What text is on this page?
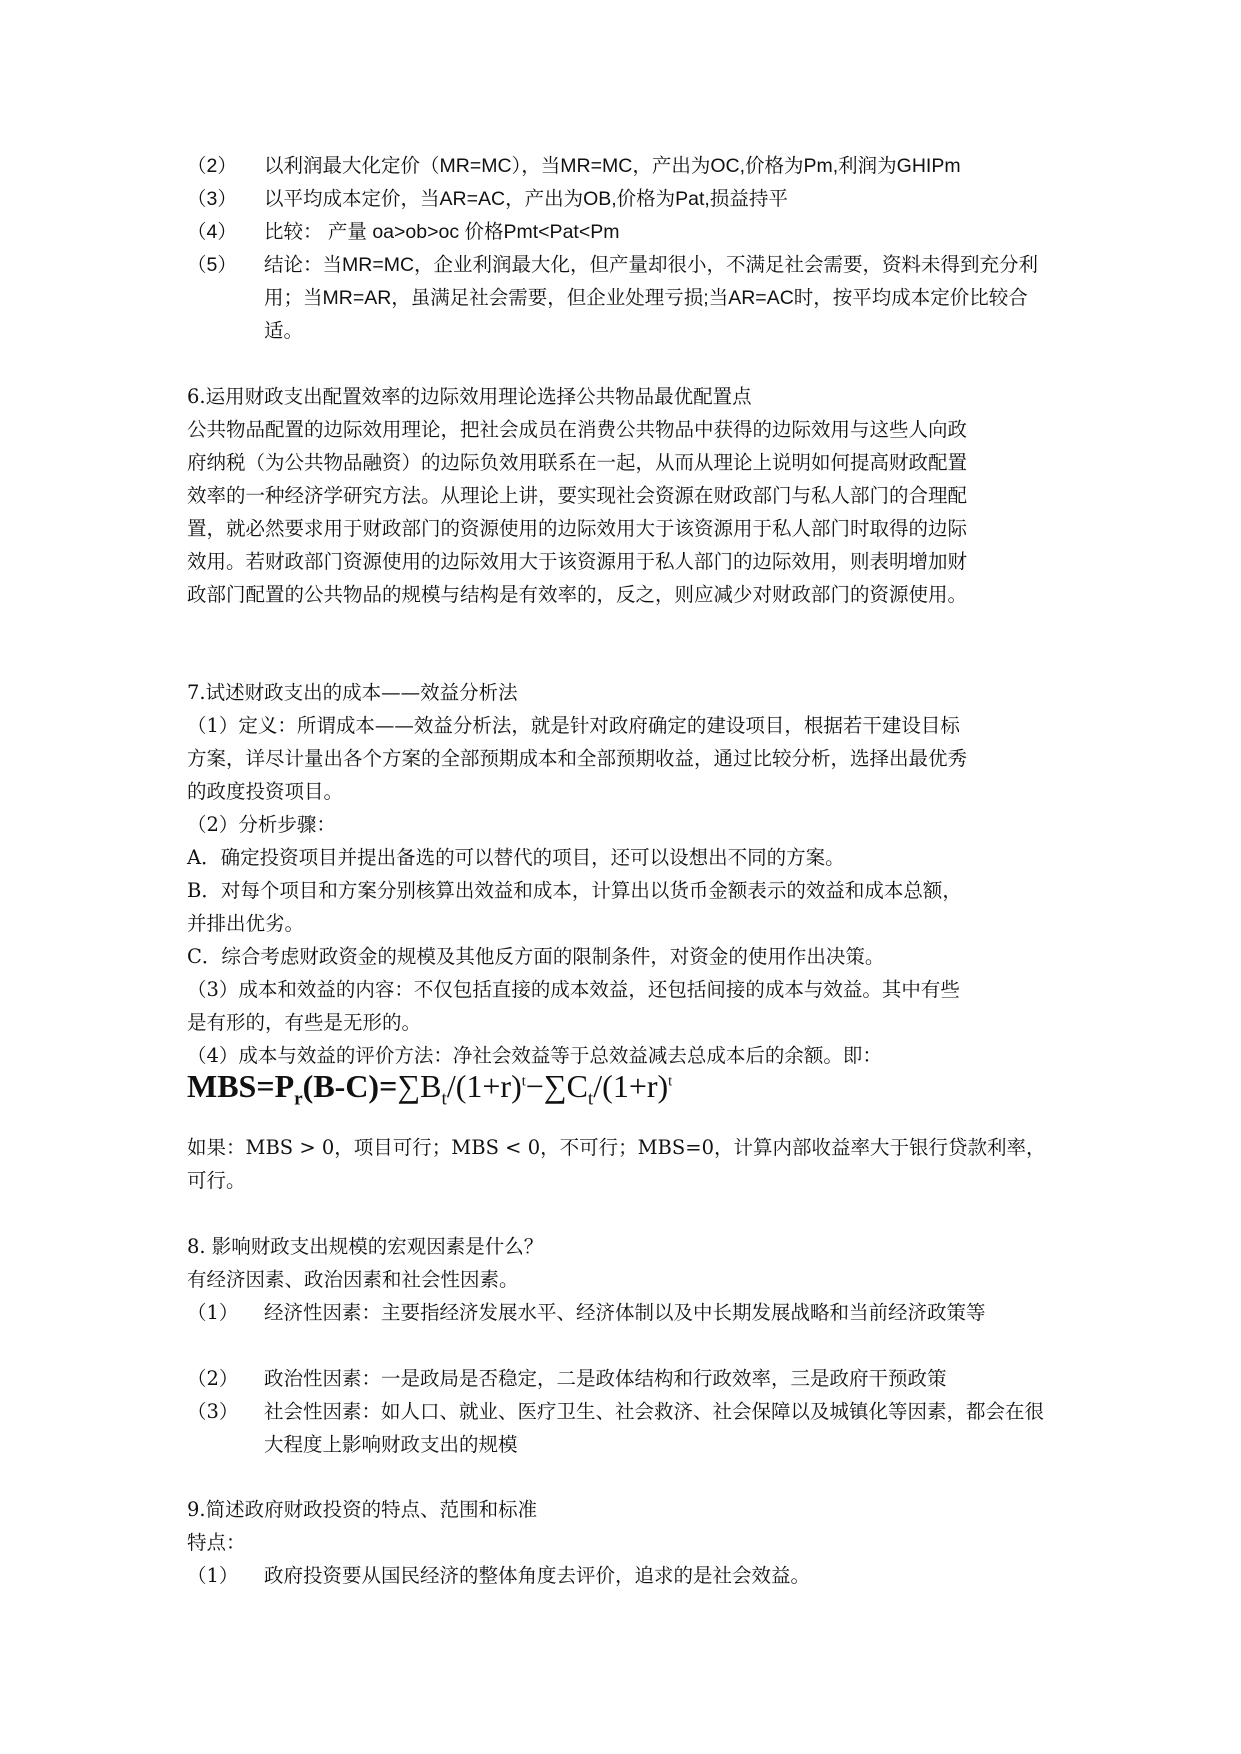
（2） 以利润最大化定价（MR=MC），当MR=MC，产出为OC,价格为Pm,利润为GHIPm
（3） 以平均成本定价，当AR=AC，产出为OB,价格为Pat,损益持平
（4） 比较： 产量 oa>ob>oc 价格Pmt<Pat<Pm
（5） 结论：当MR=MC，企业利润最大化，但产量却很小，不满足社会需要，资料未得到充分利用；当MR=AR，虽满足社会需要，但企业处理亏损;当AR=AC时，按平均成本定价比较合适。
6.运用财政支出配置效率的边际效用理论选择公共物品最优配置点
公共物品配置的边际效用理论，把社会成员在消费公共物品中获得的边际效用与这些人向政
府纳税（为公共物品融资）的边际负效用联系在一起，从而从理论上说明如何提高财政配置
效率的一种经济学研究方法。从理论上讲，要实现社会资源在财政部门与私人部门的合理配
置，就必然要求用于财政部门的资源使用的边际效用大于该资源用于私人部门时取得的边际
效用。若财政部门资源使用的边际效用大于该资源用于私人部门的边际效用，则表明增加财
政部门配置的公共物品的规模与结构是有效率的，反之，则应减少对财政部门的资源使用。
7.试述财政支出的成本——效益分析法
（1）定义：所谓成本——效益分析法，就是针对政府确定的建设项目，根据若干建设目标
方案，详尽计量出各个方案的全部预期成本和全部预期收益，通过比较分析，选择出最优秀
的政度投资项目。
（2）分析步骤：
A．确定投资项目并提出备选的可以替代的项目，还可以设想出不同的方案。
B．对每个项目和方案分别核算出效益和成本，计算出以货币金额表示的效益和成本总额，
并排出优劣。
C．综合考虑财政资金的规模及其他反方面的限制条件，对资金的使用作出决策。
（3）成本和效益的内容：不仅包括直接的成本效益，还包括间接的成本与效益。其中有些
是有形的，有些是无形的。
（4）成本与效益的评价方法：净社会效益等于总效益减去总成本后的余额。即：
$MBS=P_r(B-C)=\sum B_t/(1+r)^t-\sum C_t/(1+r)^t$
如果：MBS > 0，项目可行；MBS < 0，不可行；MBS=0，计算内部收益率大于银行贷款利率，
可行。
8. 影响财政支出规模的宏观因素是什么？
有经济因素、政治因素和社会性因素。
（1） 经济性因素：主要指经济发展水平、经济体制以及中长期发展战略和当前经济政策等
（2） 政治性因素：一是政局是否稳定，二是政体结构和行政效率，三是政府干预政策
（3） 社会性因素：如人口、就业、医疗卫生、社会救济、社会保障以及城镇化等因素，都会在很大程度上影响财政支出的规模
9.简述政府财政投资的特点、范围和标准
特点：
（1） 政府投资要从国民经济的整体角度去评价，追求的是社会效益。
